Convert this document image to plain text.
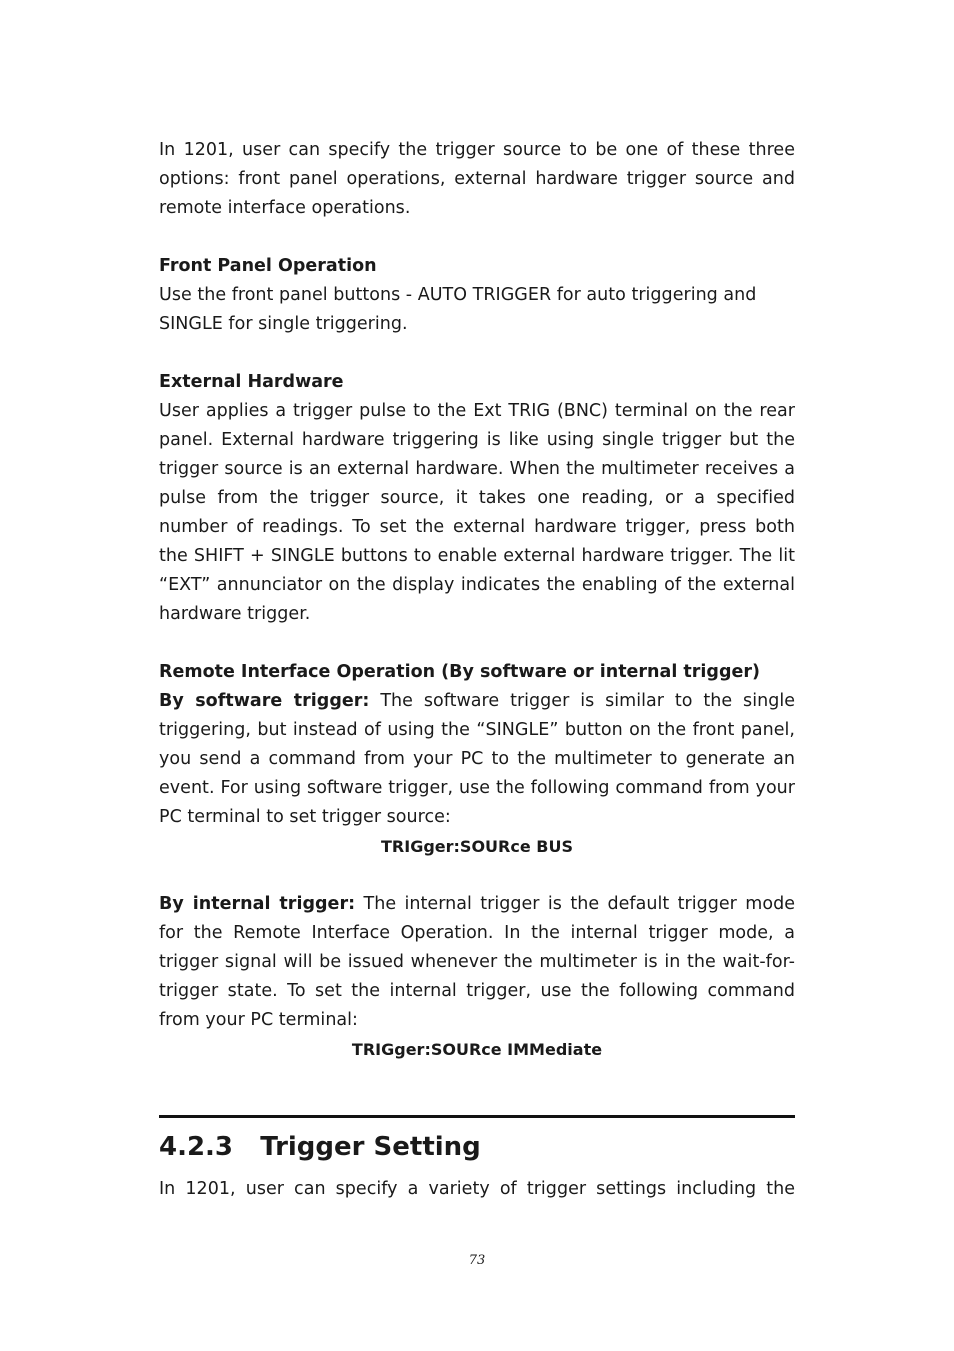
In 1201, user can specify the trigger source to be one of these three options: front panel operations, external hardware trigger source and remote interface operations.

Front Panel Operation

Use the front panel buttons - AUTO TRIGGER for auto triggering and SINGLE for single triggering.

External Hardware

User applies a trigger pulse to the Ext TRIG (BNC) terminal on the rear panel. External hardware triggering is like using single trigger but the trigger source is an external hardware. When the multimeter receives a pulse from the trigger source, it takes one reading, or a specified number of readings. To set the external hardware trigger, press both the SHIFT + SINGLE buttons to enable external hardware trigger. The lit “EXT” annunciator on the display indicates the enabling of the external hardware trigger.

Remote Interface Operation (By software or internal trigger)

By software trigger: The software trigger is similar to the single triggering, but instead of using the “SINGLE” button on the front panel, you send a command from your PC to the multimeter to generate an event. For using software trigger, use the following command from your PC terminal to set trigger source:

TRIGger:SOURce BUS

By internal trigger: The internal trigger is the default trigger mode for the Remote Interface Operation. In the internal trigger mode, a trigger signal will be issued whenever the multimeter is in the wait-for-trigger state. To set the internal trigger, use the following command from your PC terminal:

TRIGger:SOURce IMMediate
4.2.3 Trigger Setting

In 1201, user can specify a variety of trigger settings including the

73
